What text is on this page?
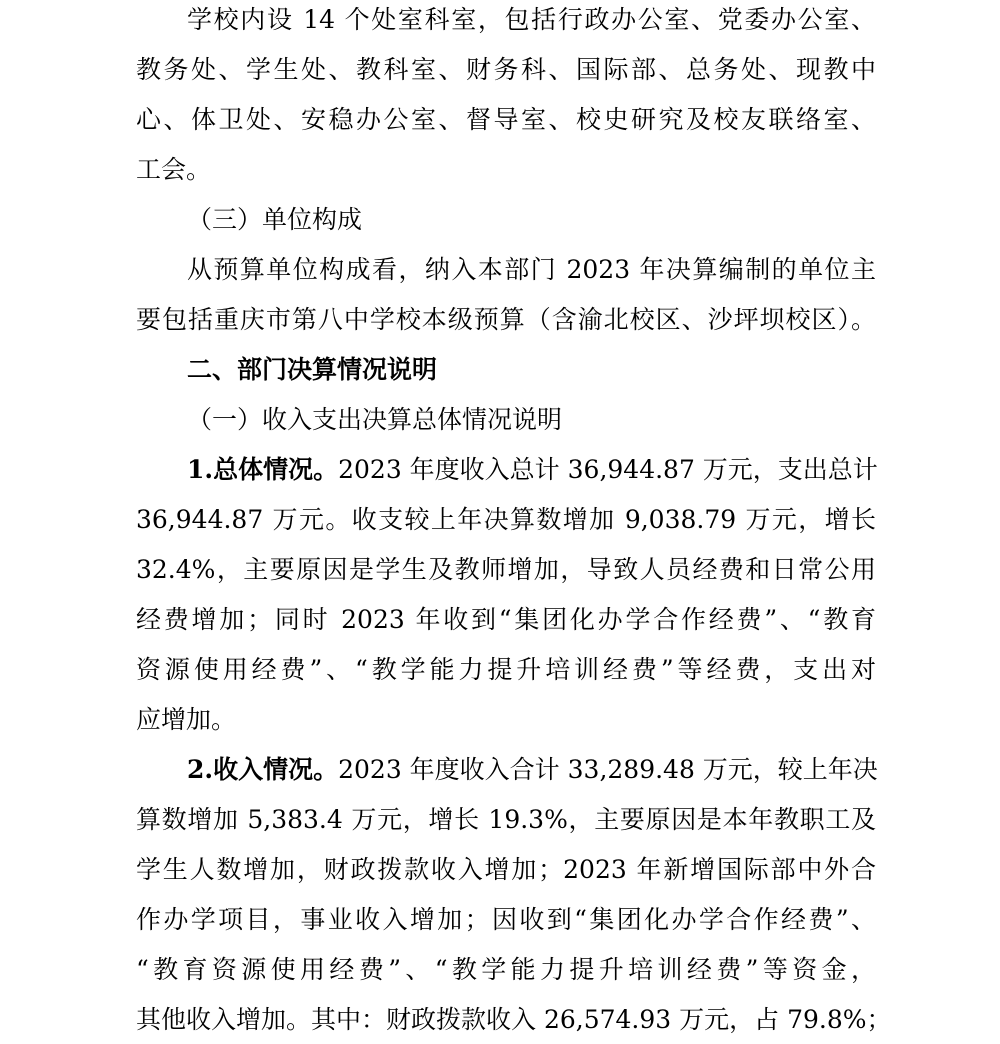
学校内设 14 个处室科室，包括行政办公室、党委办公室、
教务处、学生处、教科室、财务科、国际部、总务处、现教中
心、体卫处、安稳办公室、督导室、校史研究及校友联络室、
工会。
（三）单位构成
从预算单位构成看，纳入本部门 2023 年决算编制的单位主
要包括重庆市第八中学校本级预算（含渝北校区、沙坪坝校区）。
二、部门决算情况说明
（一）收入支出决算总体情况说明
1.总体情况。2023 年度收入总计 36,944.87 万元，支出总计
36,944.87 万元。收支较上年决算数增加 9,038.79 万元，增长
32.4%，主要原因是学生及教师增加，导致人员经费和日常公用
经费增加；同时 2023 年收到“集团化办学合作经费”、“教育
资源使用经费”、“教学能力提升培训经费”等经费，支出对
应增加。
2.收入情况。2023 年度收入合计 33,289.48 万元，较上年决
算数增加 5,383.4 万元，增长 19.3%，主要原因是本年教职工及
学生人数增加，财政拨款收入增加；2023 年新增国际部中外合
作办学项目，事业收入增加；因收到“集团化办学合作经费”、
“教育资源使用经费”、“教学能力提升培训经费”等资金，
其他收入增加。其中：财政拨款收入 26,574.93 万元，占 79.8%；
